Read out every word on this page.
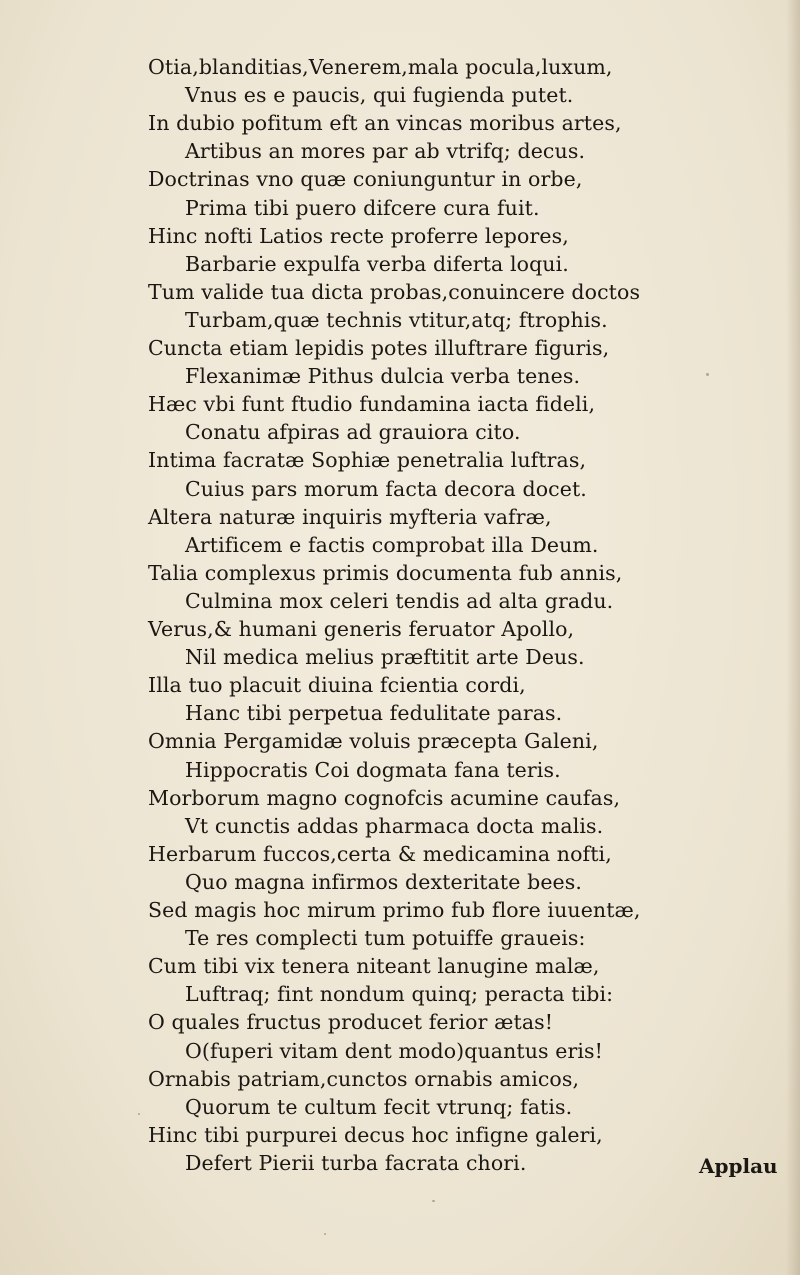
Otia,blanditias,Venerem,mala pocula,luxum,
Vnus es e paucis, qui fugienda putet.
In dubio pofitum eft an vincas moribus artes,
Artibus an mores par ab vtrifq; decus.
Doctrinas vno quæ coniunguntur in orbe,
Prima tibi puero difcere cura fuit.
Hinc nofti Latios recte proferre lepores,
Barbarie expulfa verba diferta loqui.
Tum valide tua dicta probas,conuincere doctos
Turbam,quæ technis vtitur,atq; ftrophis.
Cuncta etiam lepidis potes illuftrare figuris,
Flexanimæ Pithus dulcia verba tenes.
Hæc vbi funt ftudio fundamina iacta fideli,
Conatu afpiras ad grauiora cito.
Intima facratæ Sophiæ penetralia luftras,
Cuius pars morum facta decora docet.
Altera naturæ inquiris myfteria vafræ,
Artificem e factis comprobat illa Deum.
Talia complexus primis documenta fub annis,
Culmina mox celeri tendis ad alta gradu.
Verus,& humani generis feruator Apollo,
Nil medica melius præftitit arte Deus.
Illa tuo placuit diuina fcientia cordi,
Hanc tibi perpetua fedulitate paras.
Omnia Pergamidæ voluis præcepta Galeni,
Hippocratis Coi dogmata fana teris.
Morborum magno cognofcis acumine caufas,
Vt cunctis addas pharmaca docta malis.
Herbarum fuccos,certa & medicamina nofti,
Quo magna infirmos dexteritate bees.
Sed magis hoc mirum primo fub flore iuuentæ,
Te res complecti tum potuiffe graueis:
Cum tibi vix tenera niteant lanugine malæ,
Luftraq; fint nondum quinq; peracta tibi:
O quales fructus producet ferior ætas!
O(fuperi vitam dent modo)quantus eris!
Ornabis patriam,cunctos ornabis amicos,
Quorum te cultum fecit vtrunq; fatis.
Hinc tibi purpurei decus hoc infigne galeri,
Defert Pierii turba facrata chori.	Applau
